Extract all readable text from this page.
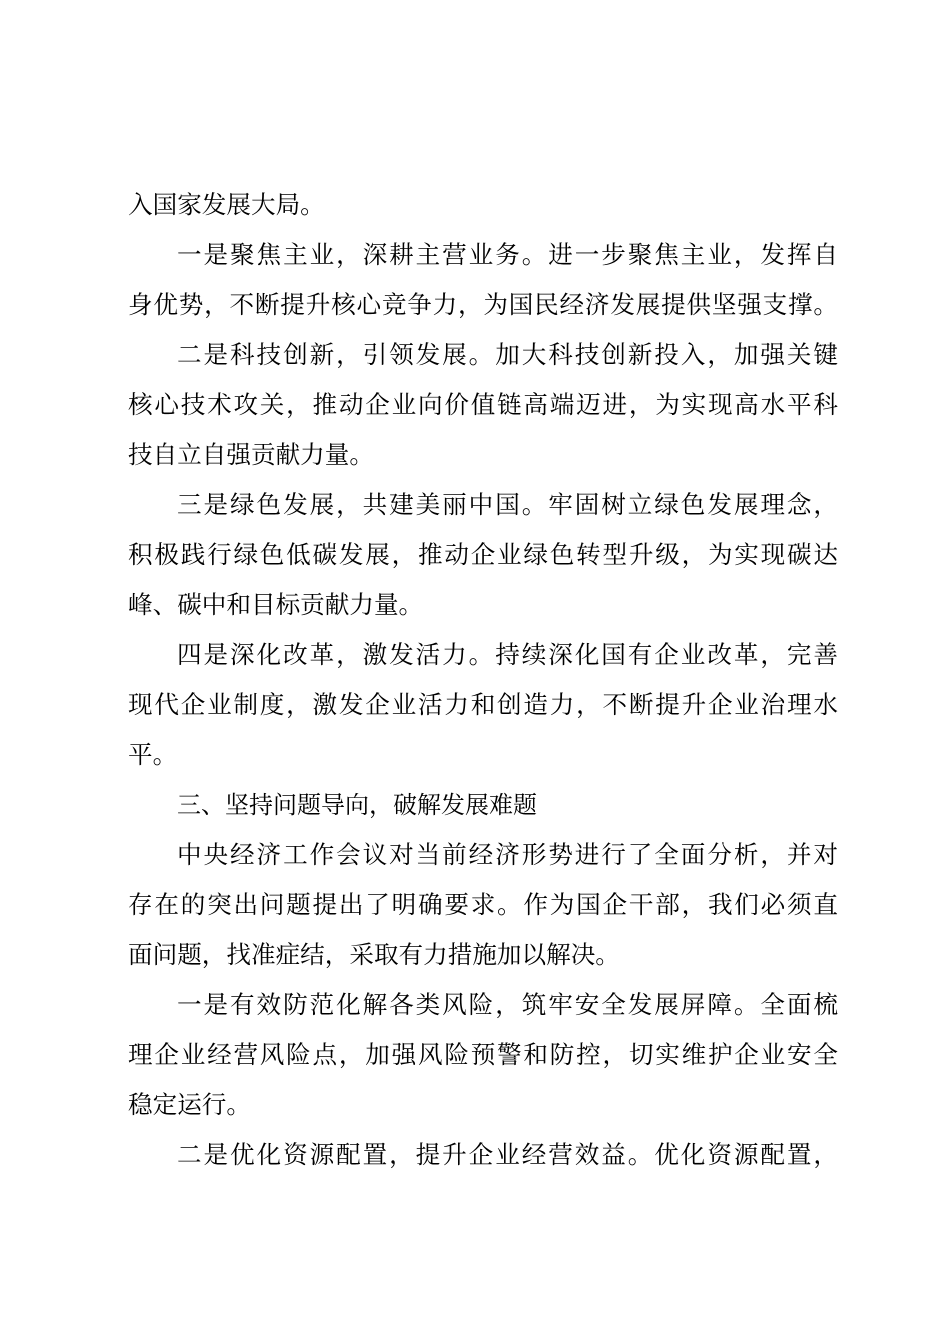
入国家发展大局。
一是聚焦主业，深耕主营业务。进一步聚焦主业，发挥自
身优势，不断提升核心竞争力，为国民经济发展提供坚强支撑。
二是科技创新，引领发展。加大科技创新投入，加强关键
核心技术攻关，推动企业向价值链高端迈进，为实现高水平科
技自立自强贡献力量。
三是绿色发展，共建美丽中国。牢固树立绿色发展理念，
积极践行绿色低碳发展，推动企业绿色转型升级，为实现碳达
峰、碳中和目标贡献力量。
四是深化改革，激发活力。持续深化国有企业改革，完善
现代企业制度，激发企业活力和创造力，不断提升企业治理水
平。
三、坚持问题导向，破解发展难题
中央经济工作会议对当前经济形势进行了全面分析，并对
存在的突出问题提出了明确要求。作为国企干部，我们必须直
面问题，找准症结，采取有力措施加以解决。
一是有效防范化解各类风险，筑牢安全发展屏障。全面梳
理企业经营风险点，加强风险预警和防控，切实维护企业安全
稳定运行。
二是优化资源配置，提升企业经营效益。优化资源配置，
